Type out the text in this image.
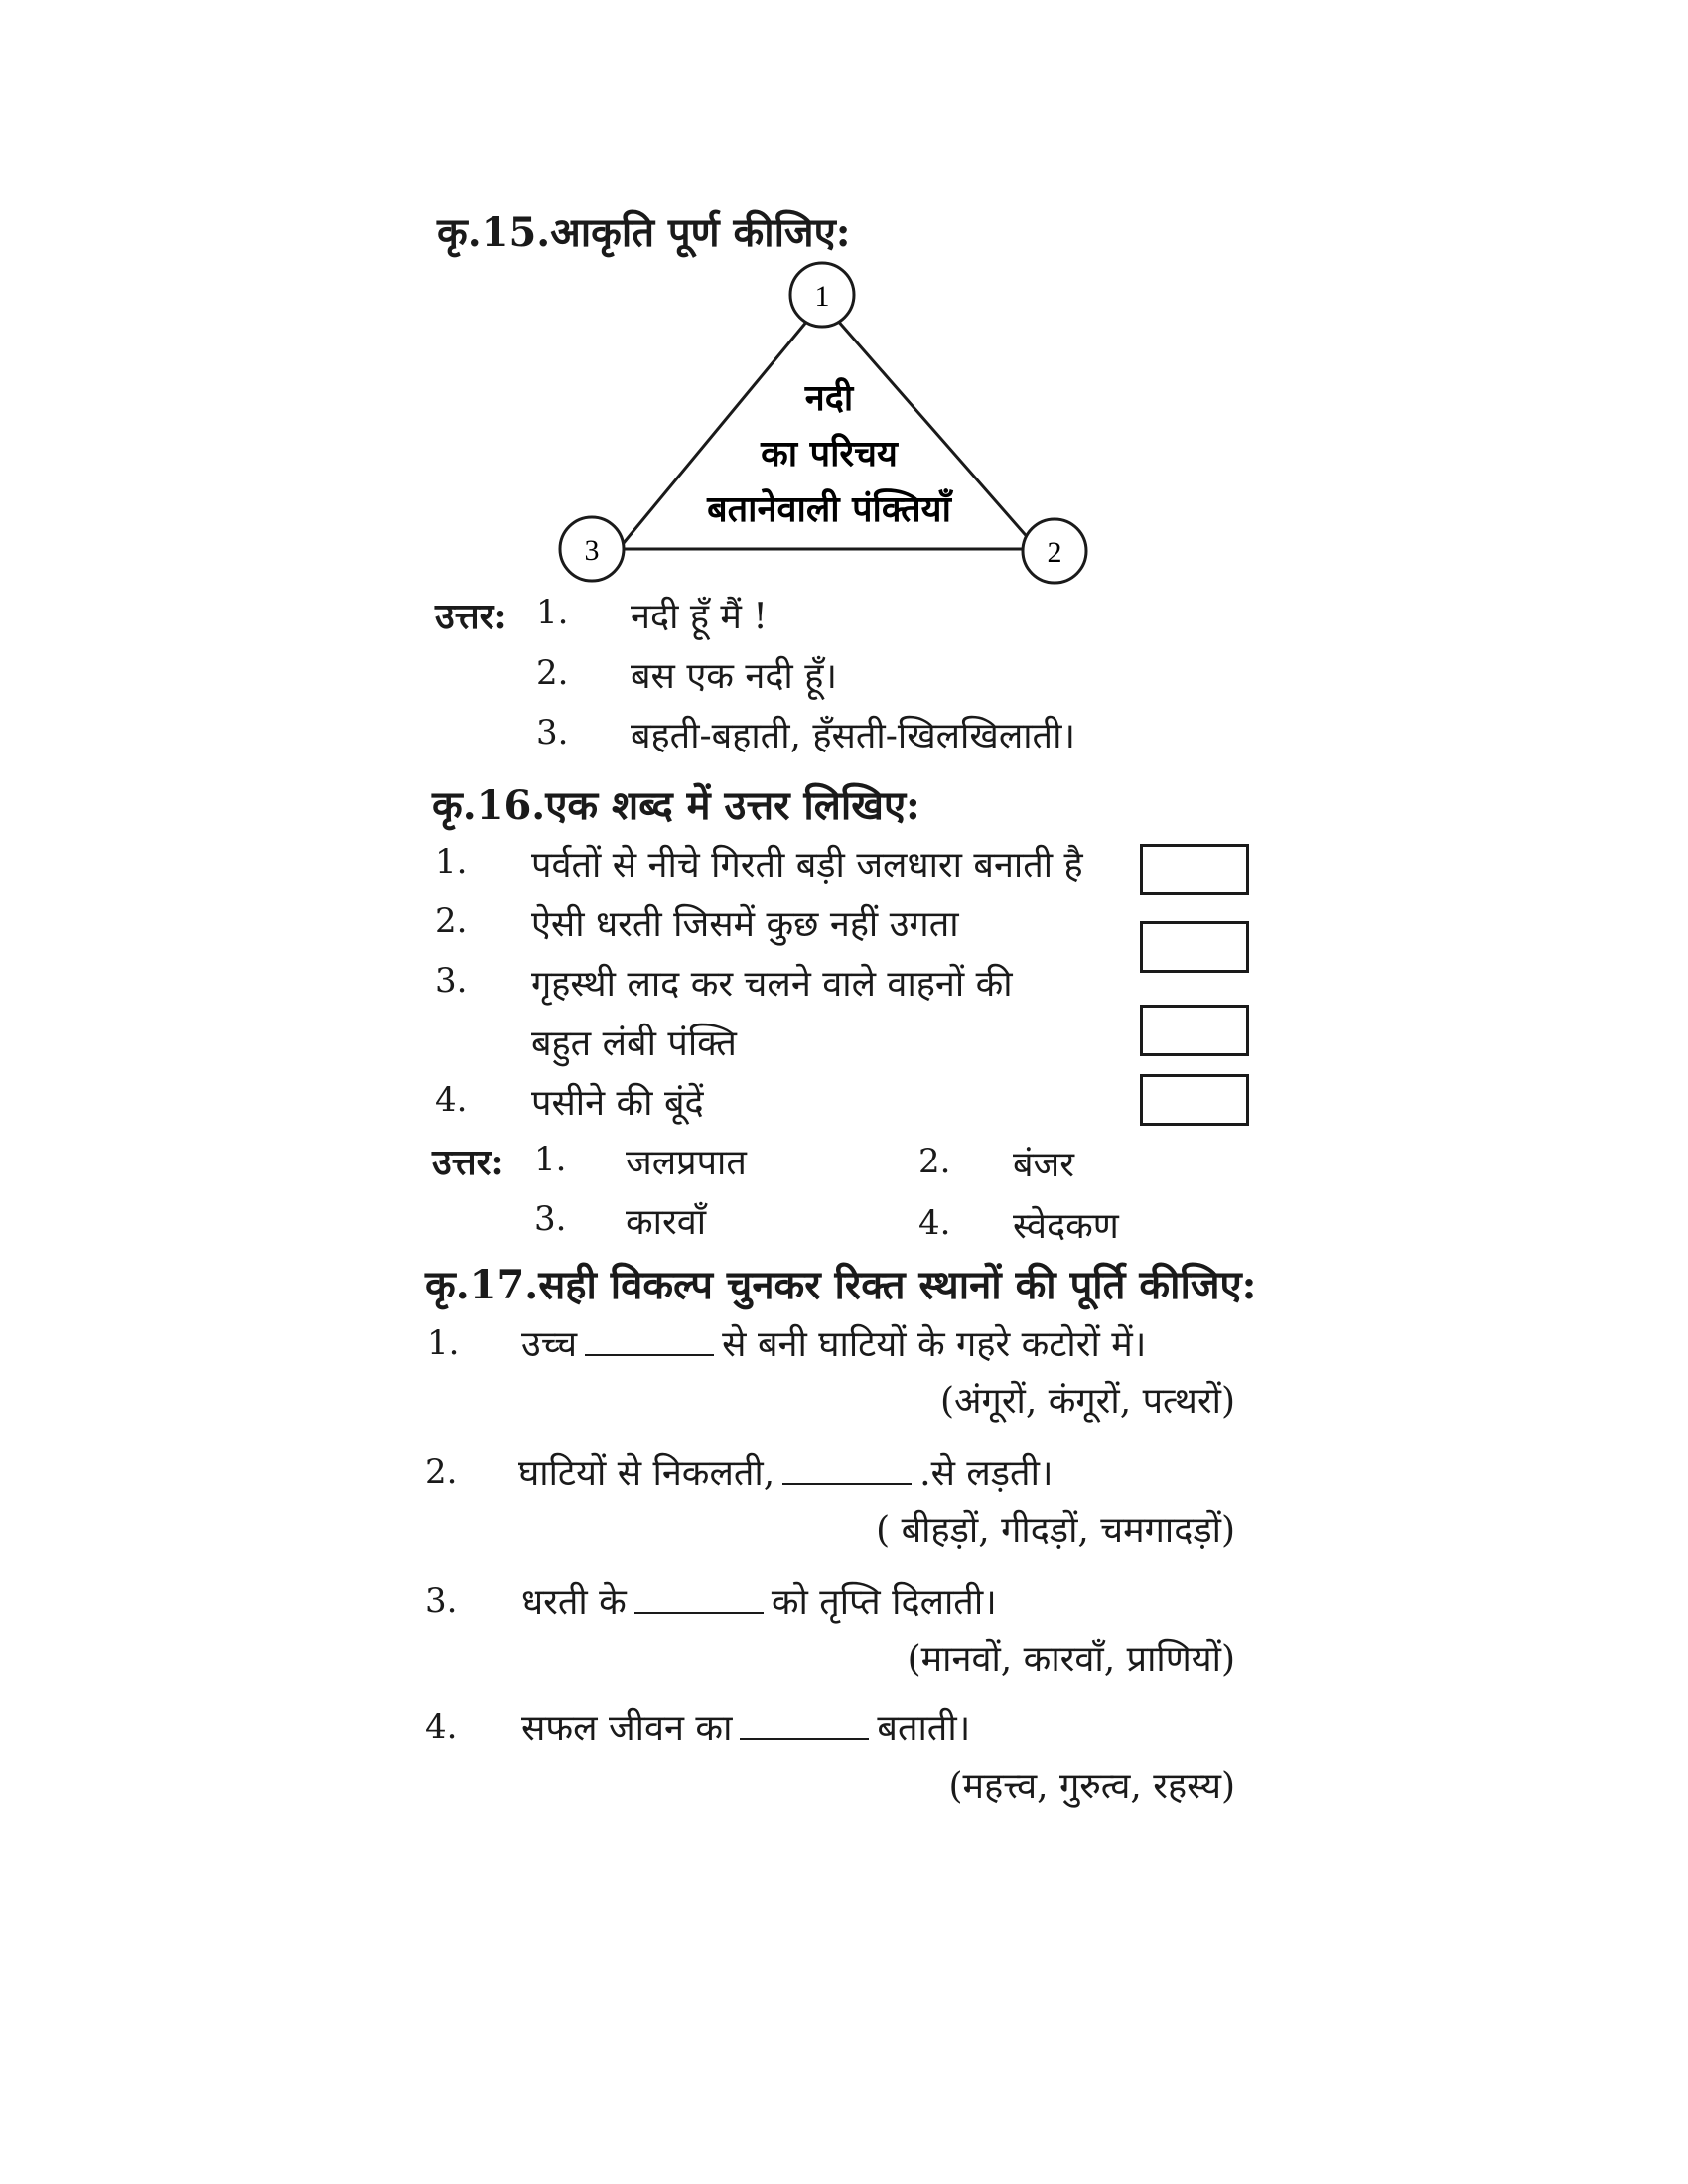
कृ.15.आकृति पूर्ण कीजिए:
1
2
3
नदी
का परिचय
बतानेवाली पंक्तियाँ
उत्तर: 1. नदी हूँ मैं !
2. बस एक नदी हूँ।
3. बहती-बहाती, हँसती-खिलखिलाती।
कृ.16.एक शब्द में उत्तर लिखिए:
1. पर्वतों से नीचे गिरती बड़ी जलधारा बनाती है
2. ऐसी धरती जिसमें कुछ नहीं उगता
3. गृहस्थी लाद कर चलने वाले वाहनों की
बहुत लंबी पंक्ति
4. पसीने की बूंदें
उत्तर: 1. जलप्रपात	2. बंजर
3. कारवाँ	4. स्वेदकण
कृ.17.सही विकल्प चुनकर रिक्त स्थानों की पूर्ति कीजिए:
1. उच्च	से बनी घाटियों के गहरे कटोरों में।
(अंगूरों, कंगूरों, पत्थरों)
2. घाटियों से निकलती,	.से लड़ती।
( बीहड़ों, गीदड़ों, चमगादड़ों)
3. धरती के	को तृप्ति दिलाती।
(मानवों, कारवाँ, प्राणियों)
4. सफल जीवन का	बताती।
(महत्त्व, गुरुत्व, रहस्य)
